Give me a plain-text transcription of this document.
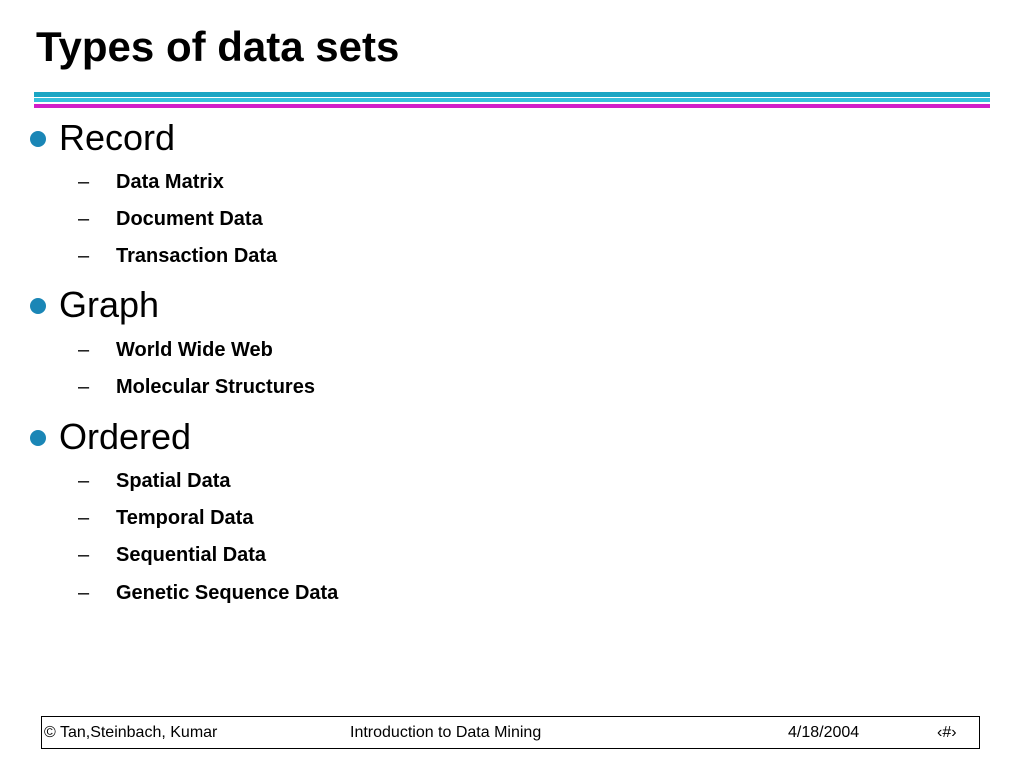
Types of data sets
Record
– Data Matrix
– Document Data
– Transaction Data
Graph
– World Wide Web
– Molecular Structures
Ordered
– Spatial Data
– Temporal Data
– Sequential Data
– Genetic Sequence Data
© Tan,Steinbach, Kumar	Introduction to Data Mining	4/18/2004	‹#›
